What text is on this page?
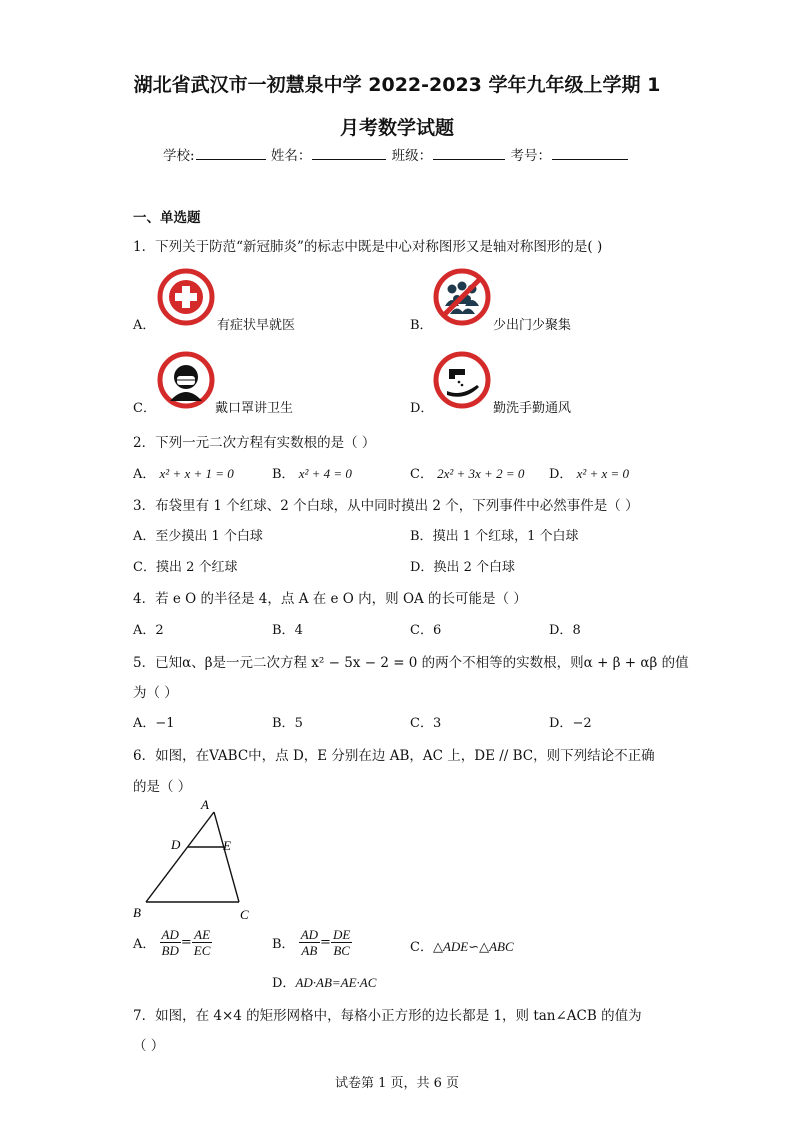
湖北省武汉市一初慧泉中学 2022-2023 学年九年级上学期 1
月考数学试题
学校:	姓名：	班级：	考号：
一、单选题
1．下列关于防范“新冠肺炎”的标志中既是中心对称图形又是轴对称图形的是( )
A．	有症状早就医	B．	少出门少聚集
C．	戴口罩讲卫生	D．	勤洗手勤通风
2．下列一元二次方程有实数根的是（ ）
A． x² + x + 1 = 0	B． x² + 4 = 0	C． 2x² + 3x + 2 = 0 D． x² + x = 0
3．布袋里有 1 个红球、2 个白球，从中同时摸出 2 个，下列事件中必然事件是（ ）
A．至少摸出 1 个白球	B．摸出 1 个红球，1 个白球
C．摸出 2 个红球	D．换出 2 个白球
4．若 e O 的半径是 4，点 A 在 e O 内，则 OA 的长可能是（ ）
A．2	B．4	C．6	D．8
5．已知α、β是一元二次方程 x² − 5x − 2 = 0 的两个不相等的实数根，则α + β + αβ 的值
为（ ）
A．−1	B．5	C．3	D．−2
6．如图，在VABC中，点 D，E 分别在边 AB，AC 上，DE // BC，则下列结论不正确
的是（ ）
A
D	E
B	C
A． $\frac{AD}{BD} = \frac{AE}{EC}$	B． $\frac{AD}{AB} = \frac{DE}{BC}$	C．△ADE∽△ABC
D．AD·AB=AE·AC
7．如图，在 4×4 的矩形网格中，每格小正方形的边长都是 1，则 tan∠ACB 的值为
（ ）
试卷第 1 页，共 6 页
